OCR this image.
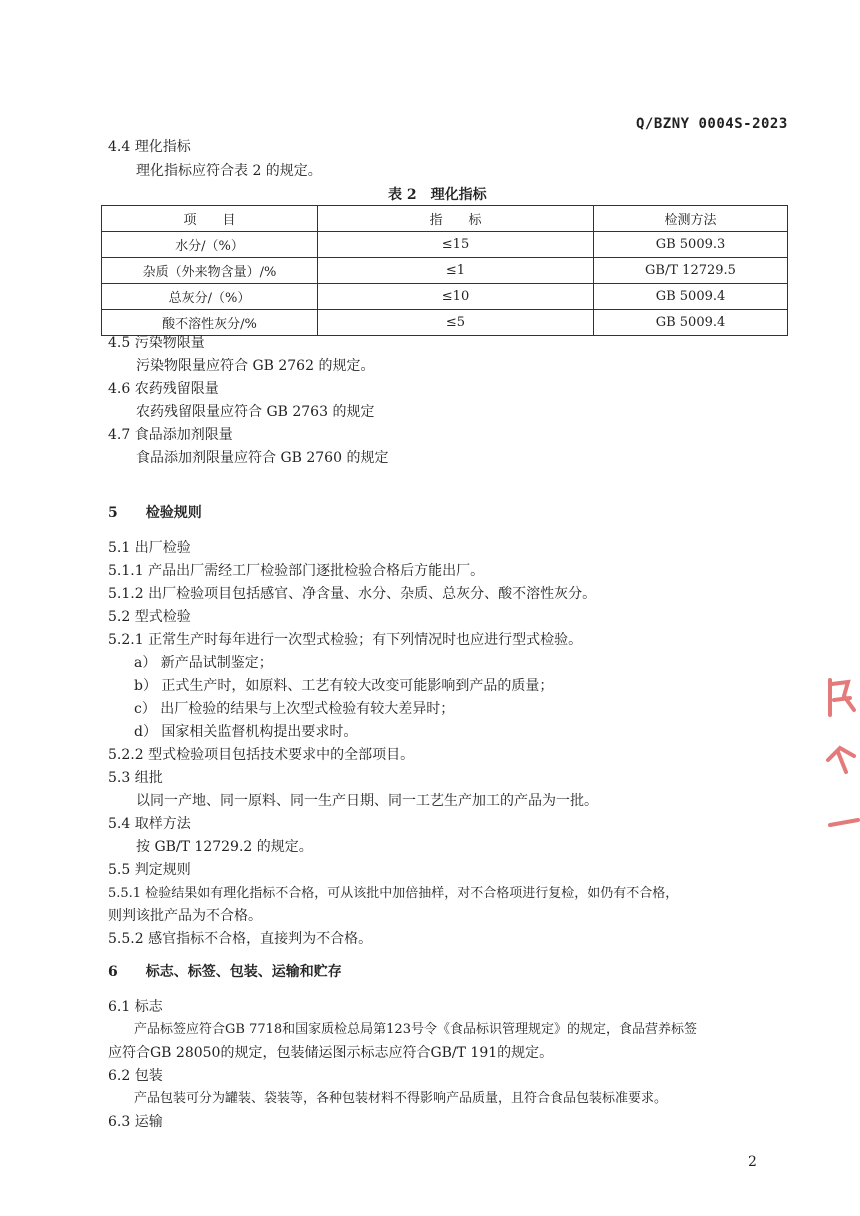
Q/BZNY 0004S-2023
4.4 理化指标
理化指标应符合表 2 的规定。
表 2　理化指标
项　　目	指　　标	检测方法
水分/（%）	≤15	GB 5009.3
杂质（外来物含量）/%	≤1	GB/T 12729.5
总灰分/（%）	≤10	GB 5009.4
酸不溶性灰分/%	≤5	GB 5009.4
4.5 污染物限量
污染物限量应符合 GB 2762 的规定。
4.6 农药残留限量
农药残留限量应符合 GB 2763 的规定
4.7 食品添加剂限量
食品添加剂限量应符合 GB 2760 的规定
5　　检验规则
5.1 出厂检验
5.1.1 产品出厂需经工厂检验部门逐批检验合格后方能出厂。
5.1.2 出厂检验项目包括感官、净含量、水分、杂质、总灰分、酸不溶性灰分。
5.2 型式检验
5.2.1 正常生产时每年进行一次型式检验；有下列情况时也应进行型式检验。
a） 新产品试制鉴定；
b） 正式生产时，如原料、工艺有较大改变可能影响到产品的质量；
c） 出厂检验的结果与上次型式检验有较大差异时；
d） 国家相关监督机构提出要求时。
5.2.2 型式检验项目包括技术要求中的全部项目。
5.3 组批
以同一产地、同一原料、同一生产日期、同一工艺生产加工的产品为一批。
5.4 取样方法
按 GB/T 12729.2 的规定。
5.5 判定规则
5.5.1 检验结果如有理化指标不合格，可从该批中加倍抽样，对不合格项进行复检，如仍有不合格，
则判该批产品为不合格。
5.5.2 感官指标不合格，直接判为不合格。
6　　标志、标签、包装、运输和贮存
6.1 标志
产品标签应符合GB 7718和国家质检总局第123号令《食品标识管理规定》的规定，食品营养标签
应符合GB 28050的规定，包装储运图示标志应符合GB/T 191的规定。
6.2 包装
产品包装可分为罐装、袋装等，各种包装材料不得影响产品质量，且符合食品包装标准要求。
6.3 运输
2
